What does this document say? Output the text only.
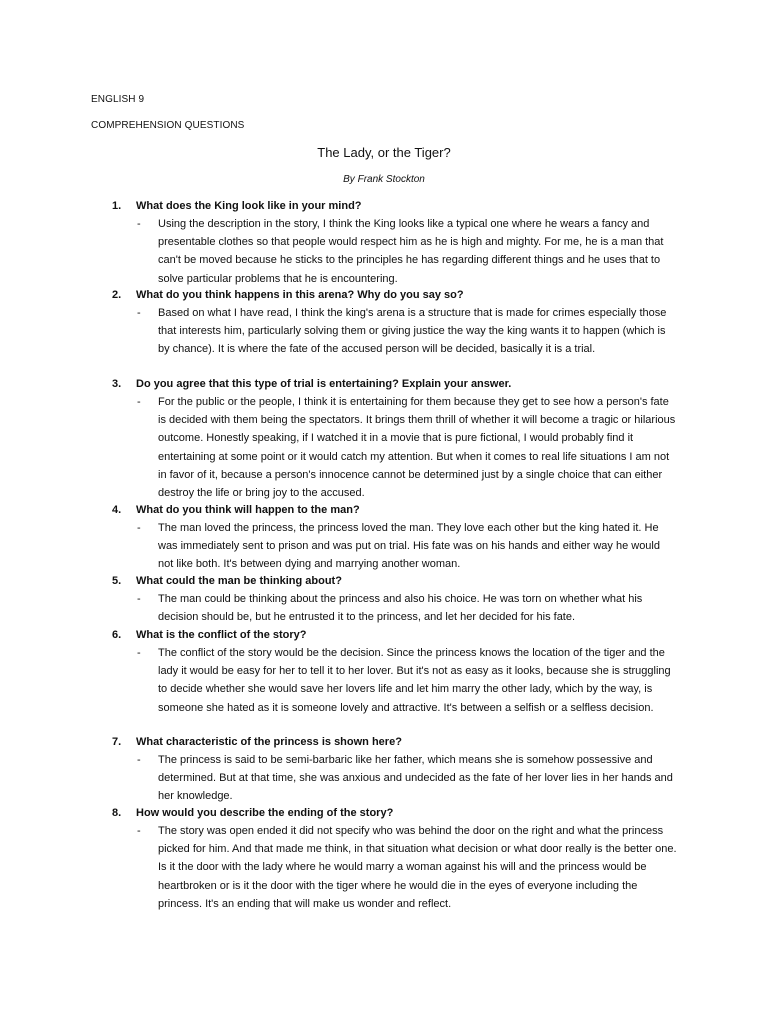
ENGLISH 9
COMPREHENSION QUESTIONS
The Lady, or the Tiger?
By Frank Stockton
1. What does the King look like in your mind?
- Using the description in the story, I think the King looks like a typical one where he wears a fancy and presentable clothes so that people would respect him as he is high and mighty. For me, he is a man that can't be moved because he sticks to the principles he has regarding different things and he uses that to solve particular problems that he is encountering.
2. What do you think happens in this arena? Why do you say so?
- Based on what I have read, I think the king's arena is a structure that is made for crimes especially those that interests him, particularly solving them or giving justice the way the king wants it to happen (which is by chance). It is where the fate of the accused person will be decided, basically it is a trial.
3. Do you agree that this type of trial is entertaining? Explain your answer.
- For the public or the people, I think it is entertaining for them because they get to see how a person's fate is decided with them being the spectators. It brings them thrill of whether it will become a tragic or hilarious outcome. Honestly speaking, if I watched it in a movie that is pure fictional, I would probably find it entertaining at some point or it would catch my attention. But when it comes to real life situations I am not in favor of it, because a person's innocence cannot be determined just by a single choice that can either destroy the life or bring joy to the accused.
4. What do you think will happen to the man?
- The man loved the princess, the princess loved the man. They love each other but the king hated it. He was immediately sent to prison and was put on trial. His fate was on his hands and either way he would not like both. It's between dying and marrying another woman.
5. What could the man be thinking about?
- The man could be thinking about the princess and also his choice. He was torn on whether what his decision should be, but he entrusted it to the princess, and let her decided for his fate.
6. What is the conflict of the story?
- The conflict of the story would be the decision. Since the princess knows the location of the tiger and the lady it would be easy for her to tell it to her lover. But it's not as easy as it looks, because she is struggling to decide whether she would save her lovers life and let him marry the other lady, which by the way, is someone she hated as it is someone lovely and attractive. It's between a selfish or a selfless decision.
7. What characteristic of the princess is shown here?
- The princess is said to be semi-barbaric like her father, which means she is somehow possessive and determined. But at that time, she was anxious and undecided as the fate of her lover lies in her hands and her knowledge.
8. How would you describe the ending of the story?
- The story was open ended it did not specify who was behind the door on the right and what the princess picked for him. And that made me think, in that situation what decision or what door really is the better one. Is it the door with the lady where he would marry a woman against his will and the princess would be heartbroken or is it the door with the tiger where he would die in the eyes of everyone including the princess. It's an ending that will make us wonder and reflect.
